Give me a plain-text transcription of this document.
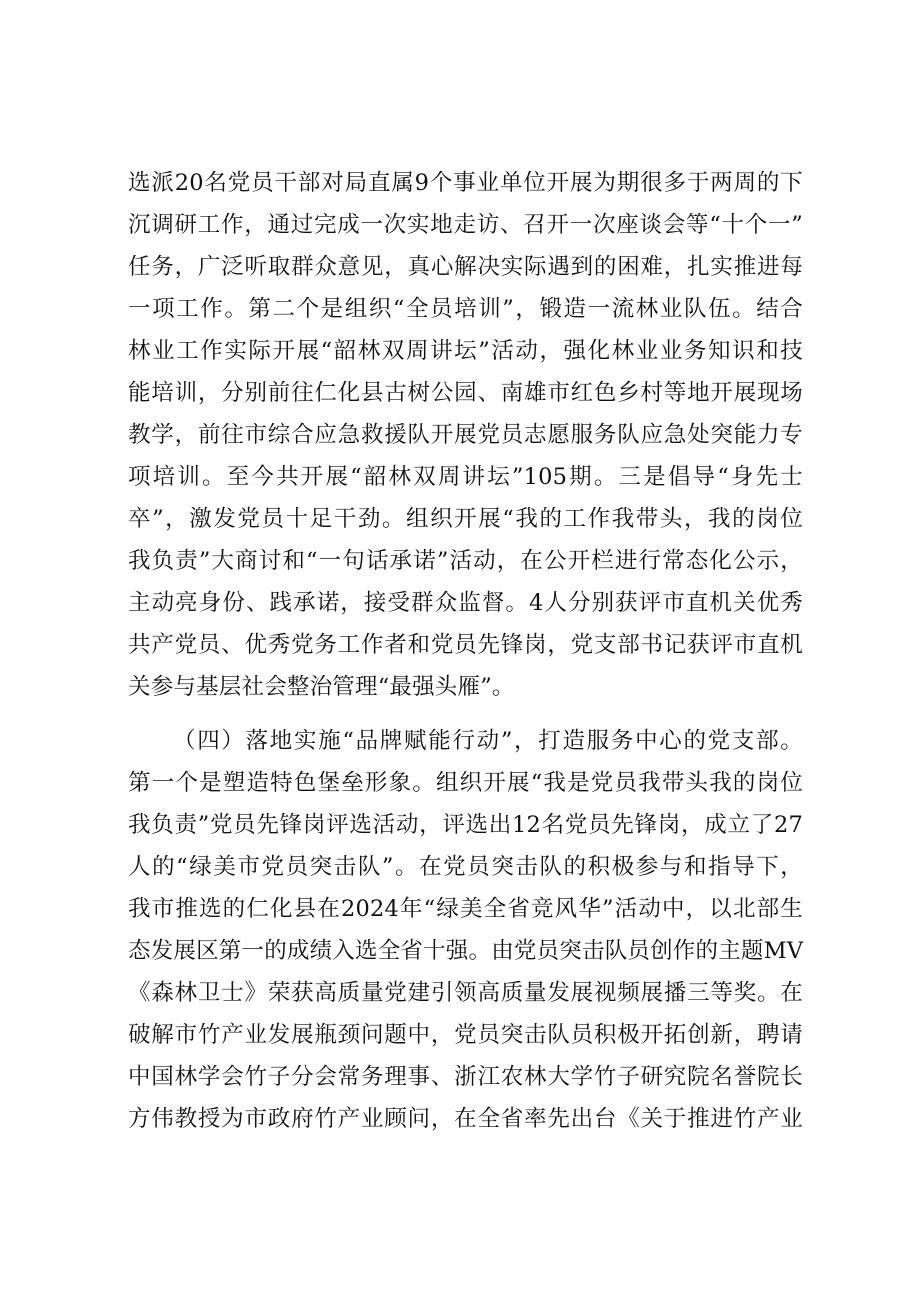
选派20名党员干部对局直属9个事业单位开展为期很多于两周的下
沉调研工作，通过完成一次实地走访、召开一次座谈会等“十个一”
任务，广泛听取群众意见，真心解决实际遇到的困难，扎实推进每
一项工作。第二个是组织“全员培训”，锻造一流林业队伍。结合
林业工作实际开展“韶林双周讲坛”活动，强化林业业务知识和技
能培训，分别前往仁化县古树公园、南雄市红色乡村等地开展现场
教学，前往市综合应急救援队开展党员志愿服务队应急处突能力专
项培训。至今共开展“韶林双周讲坛”105期。三是倡导“身先士
卒”，激发党员十足干劲。组织开展“我的工作我带头，我的岗位
我负责”大商讨和“一句话承诺”活动，在公开栏进行常态化公示，
主动亮身份、践承诺，接受群众监督。4人分别获评市直机关优秀
共产党员、优秀党务工作者和党员先锋岗，党支部书记获评市直机
关参与基层社会整治管理“最强头雁”。
（四）落地实施“品牌赋能行动”，打造服务中心的党支部。
第一个是塑造特色堡垒形象。组织开展“我是党员我带头我的岗位
我负责”党员先锋岗评选活动，评选出12名党员先锋岗，成立了27
人的“绿美市党员突击队”。在党员突击队的积极参与和指导下，
我市推选的仁化县在2024年“绿美全省竞风华”活动中，以北部生
态发展区第一的成绩入选全省十强。由党员突击队员创作的主题MV
《森林卫士》荣获高质量党建引领高质量发展视频展播三等奖。在
破解市竹产业发展瓶颈问题中，党员突击队员积极开拓创新，聘请
中国林学会竹子分会常务理事、浙江农林大学竹子研究院名誉院长
方伟教授为市政府竹产业顾问，在全省率先出台《关于推进竹产业
